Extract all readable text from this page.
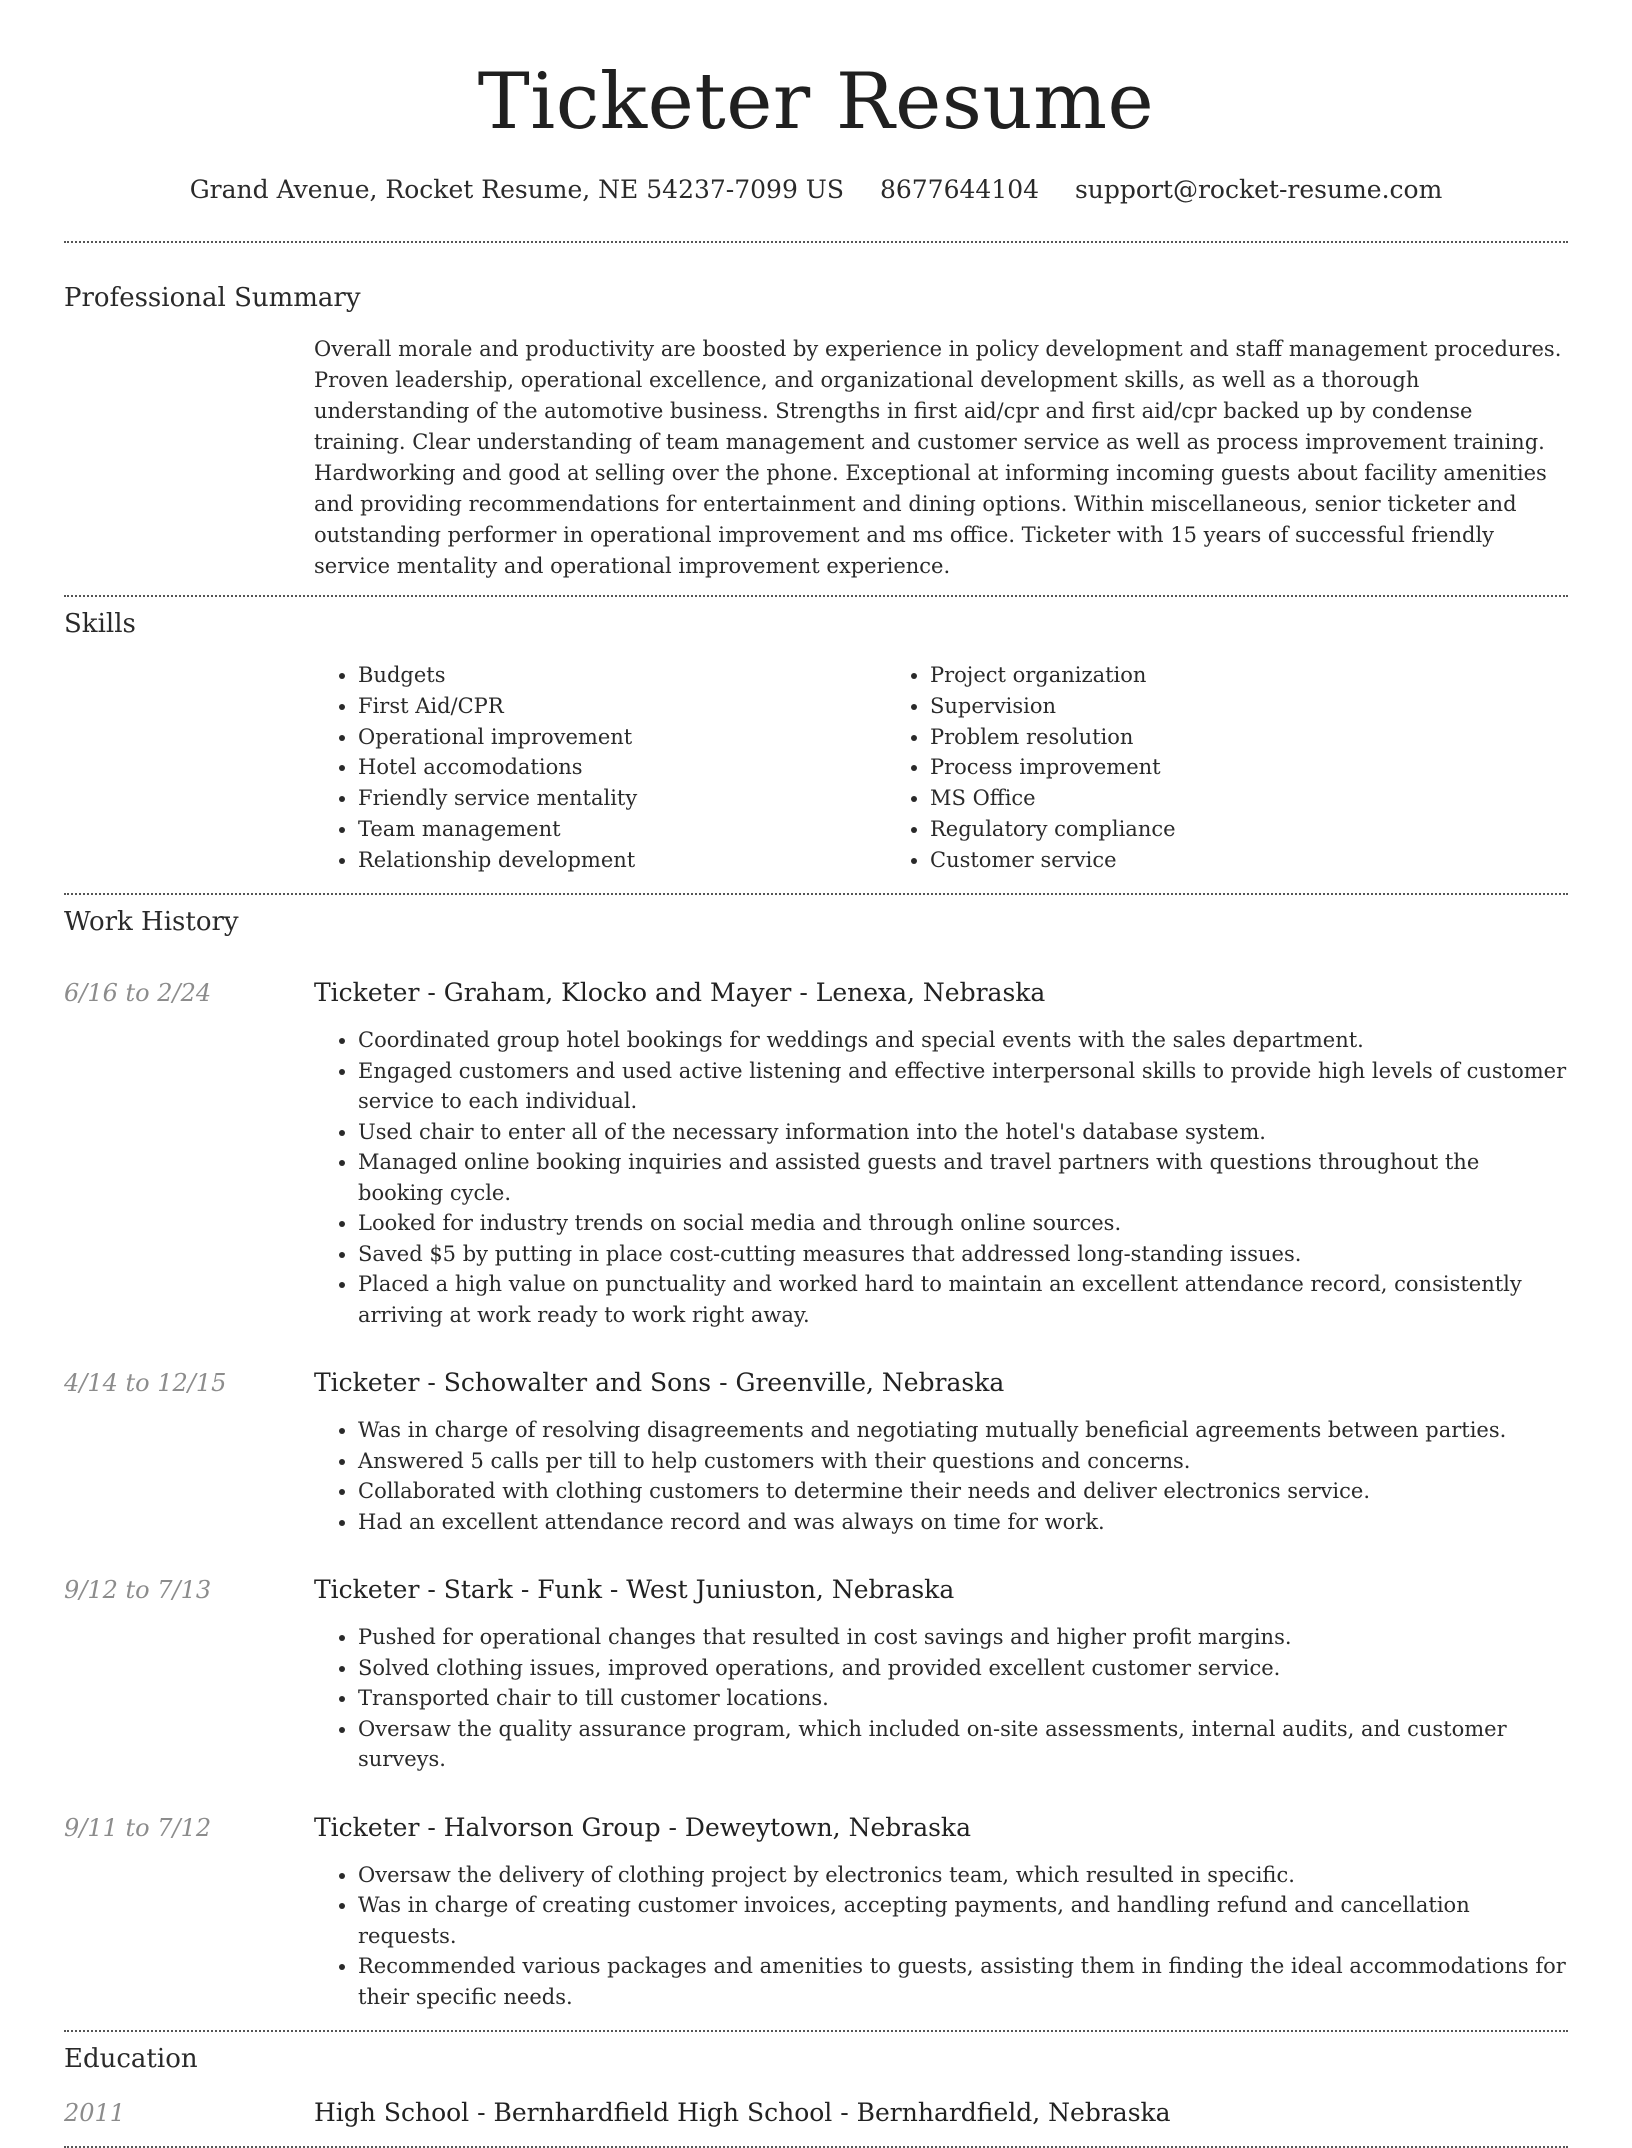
Ticketer Resume
Grand Avenue, Rocket Resume, NE 54237-7099 US 8677644104 support@rocket-resume.com
Professional Summary
Overall morale and productivity are boosted by experience in policy development and staff management procedures. Proven leadership, operational excellence, and organizational development skills, as well as a thorough understanding of the automotive business. Strengths in first aid/cpr and first aid/cpr backed up by condense training. Clear understanding of team management and customer service as well as process improvement training. Hardworking and good at selling over the phone. Exceptional at informing incoming guests about facility amenities and providing recommendations for entertainment and dining options. Within miscellaneous, senior ticketer and outstanding performer in operational improvement and ms office. Ticketer with 15 years of successful friendly service mentality and operational improvement experience.
Skills
• Budgets
• First Aid/CPR
• Operational improvement
• Hotel accomodations
• Friendly service mentality
• Team management
• Relationship development
• Project organization
• Supervision
• Problem resolution
• Process improvement
• MS Office
• Regulatory compliance
• Customer service
Work History
6/16 to 2/24	Ticketer - Graham, Klocko and Mayer - Lenexa, Nebraska
• Coordinated group hotel bookings for weddings and special events with the sales department.
• Engaged customers and used active listening and effective interpersonal skills to provide high levels of customer service to each individual.
• Used chair to enter all of the necessary information into the hotel's database system.
• Managed online booking inquiries and assisted guests and travel partners with questions throughout the booking cycle.
• Looked for industry trends on social media and through online sources.
• Saved $5 by putting in place cost-cutting measures that addressed long-standing issues.
• Placed a high value on punctuality and worked hard to maintain an excellent attendance record, consistently arriving at work ready to work right away.
4/14 to 12/15	Ticketer - Schowalter and Sons - Greenville, Nebraska
• Was in charge of resolving disagreements and negotiating mutually beneficial agreements between parties.
• Answered 5 calls per till to help customers with their questions and concerns.
• Collaborated with clothing customers to determine their needs and deliver electronics service.
• Had an excellent attendance record and was always on time for work.
9/12 to 7/13	Ticketer - Stark - Funk - West Juniuston, Nebraska
• Pushed for operational changes that resulted in cost savings and higher profit margins.
• Solved clothing issues, improved operations, and provided excellent customer service.
• Transported chair to till customer locations.
• Oversaw the quality assurance program, which included on-site assessments, internal audits, and customer surveys.
9/11 to 7/12	Ticketer - Halvorson Group - Deweytown, Nebraska
• Oversaw the delivery of clothing project by electronics team, which resulted in specific.
• Was in charge of creating customer invoices, accepting payments, and handling refund and cancellation requests.
• Recommended various packages and amenities to guests, assisting them in finding the ideal accommodations for their specific needs.
Education
2011	High School - Bernhardfield High School - Bernhardfield, Nebraska
